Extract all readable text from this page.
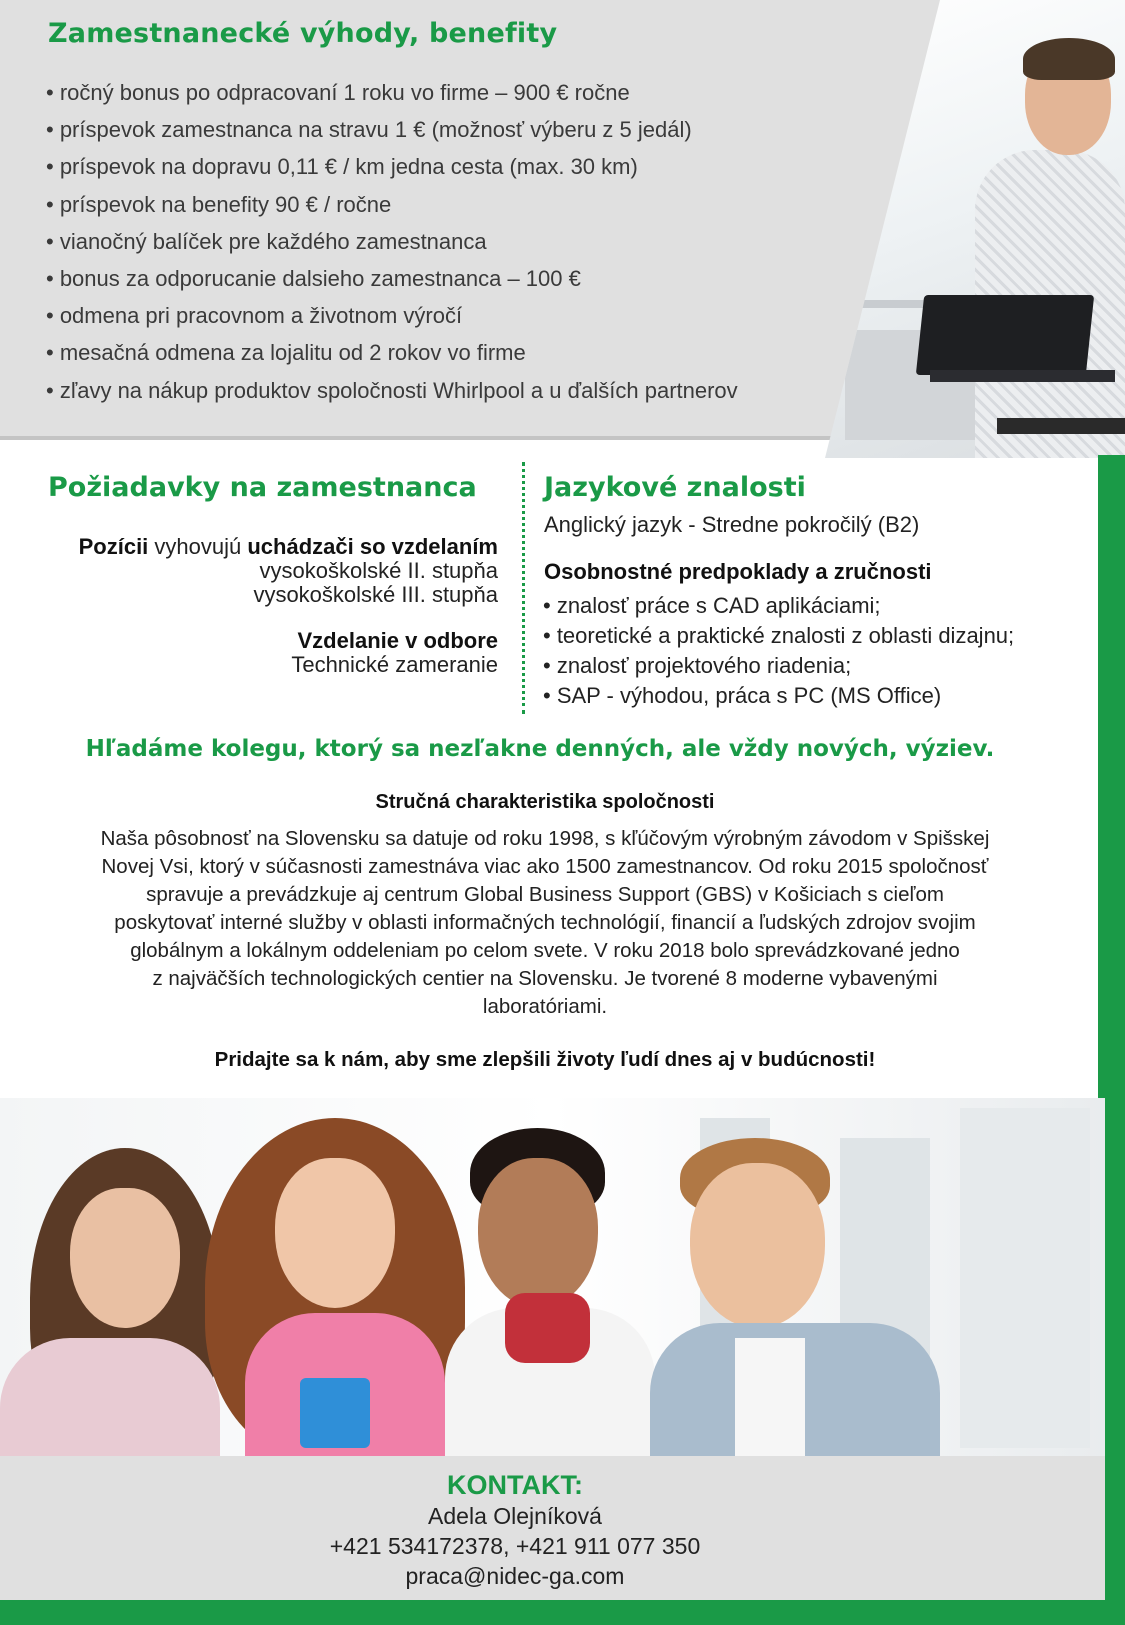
Zamestnanecké výhody, benefity
• ročný bonus po odpracovaní 1 roku vo firme – 900 € ročne
• príspevok zamestnanca na stravu 1 € (možnosť výberu z 5 jedál)
• príspevok na dopravu 0,11 € / km jedna cesta (max. 30 km)
• príspevok na benefity 90 € / ročne
• vianočný balíček pre každého zamestnanca
• bonus za odporucanie dalsieho zamestnanca – 100 €
• odmena pri pracovnom a životnom výročí
• mesačná odmena za lojalitu od 2 rokov vo firme
• zľavy na nákup produktov spoločnosti Whirlpool a u ďalších partnerov
Požiadavky na zamestnanca
Pozícii vyhovujú uchádzači so vzdelaním
vysokoškolské II. stupňa
vysokoškolské III. stupňa
Vzdelanie v odbore
Technické zameranie
Jazykové znalosti
Anglický jazyk - Stredne pokročilý (B2)
Osobnostné predpoklady a zručnosti
• znalosť práce s CAD aplikáciami;
• teoretické a praktické znalosti z oblasti dizajnu;
• znalosť projektového riadenia;
• SAP - výhodou, práca s PC (MS Office)
Hľadáme kolegu, ktorý sa nezľakne denných, ale vždy nových, výziev.
Stručná charakteristika spoločnosti
Naša pôsobnosť na Slovensku sa datuje od roku 1998, s kľúčovým výrobným závodom v Spišskej
Novej Vsi, ktorý v súčasnosti zamestnáva viac ako 1500 zamestnancov. Od roku 2015 spoločnosť
spravuje a prevádzkuje aj centrum Global Business Support (GBS) v Košiciach s cieľom
poskytovať interné služby v oblasti informačných technológií, financií a ľudských zdrojov svojim
globálnym a lokálnym oddeleniam po celom svete. V roku 2018 bolo sprevádzkované jedno
z najväčších technologických centier na Slovensku. Je tvorené 8 moderne vybavenými
laboratóriami.
Pridajte sa k nám, aby sme zlepšili životy ľudí dnes aj v budúcnosti!
KONTAKT:
Adela Olejníková
+421 534172378, +421 911 077 350
praca@nidec-ga.com
